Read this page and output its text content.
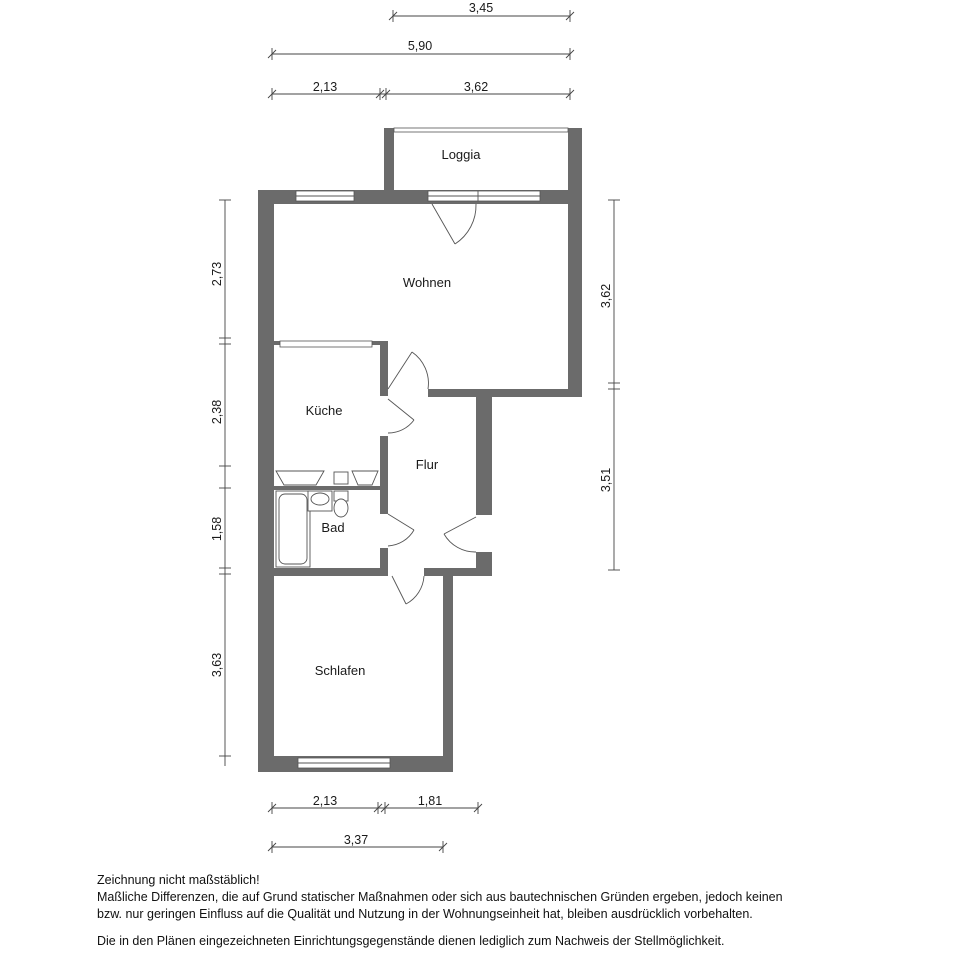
3,45
5,90
2,13	3,62
2,73
2,38
1,58
3,63
3,62
3,51
2,13	1,81
3,37
Loggia
Wohnen
Küche
Flur
Bad
Schlafen

Zeichnung nicht maßstäblich!

Maßliche Differenzen, die auf Grund statischer Maßnahmen oder sich aus bautechnischen Gründen ergeben, jedoch keinen

bzw. nur geringen Einfluss auf die Qualität und Nutzung in der Wohnungseinheit hat, bleiben ausdrücklich vorbehalten.

Die in den Plänen eingezeichneten Einrichtungsgegenstände dienen lediglich zum Nachweis der Stellmöglichkeit.
